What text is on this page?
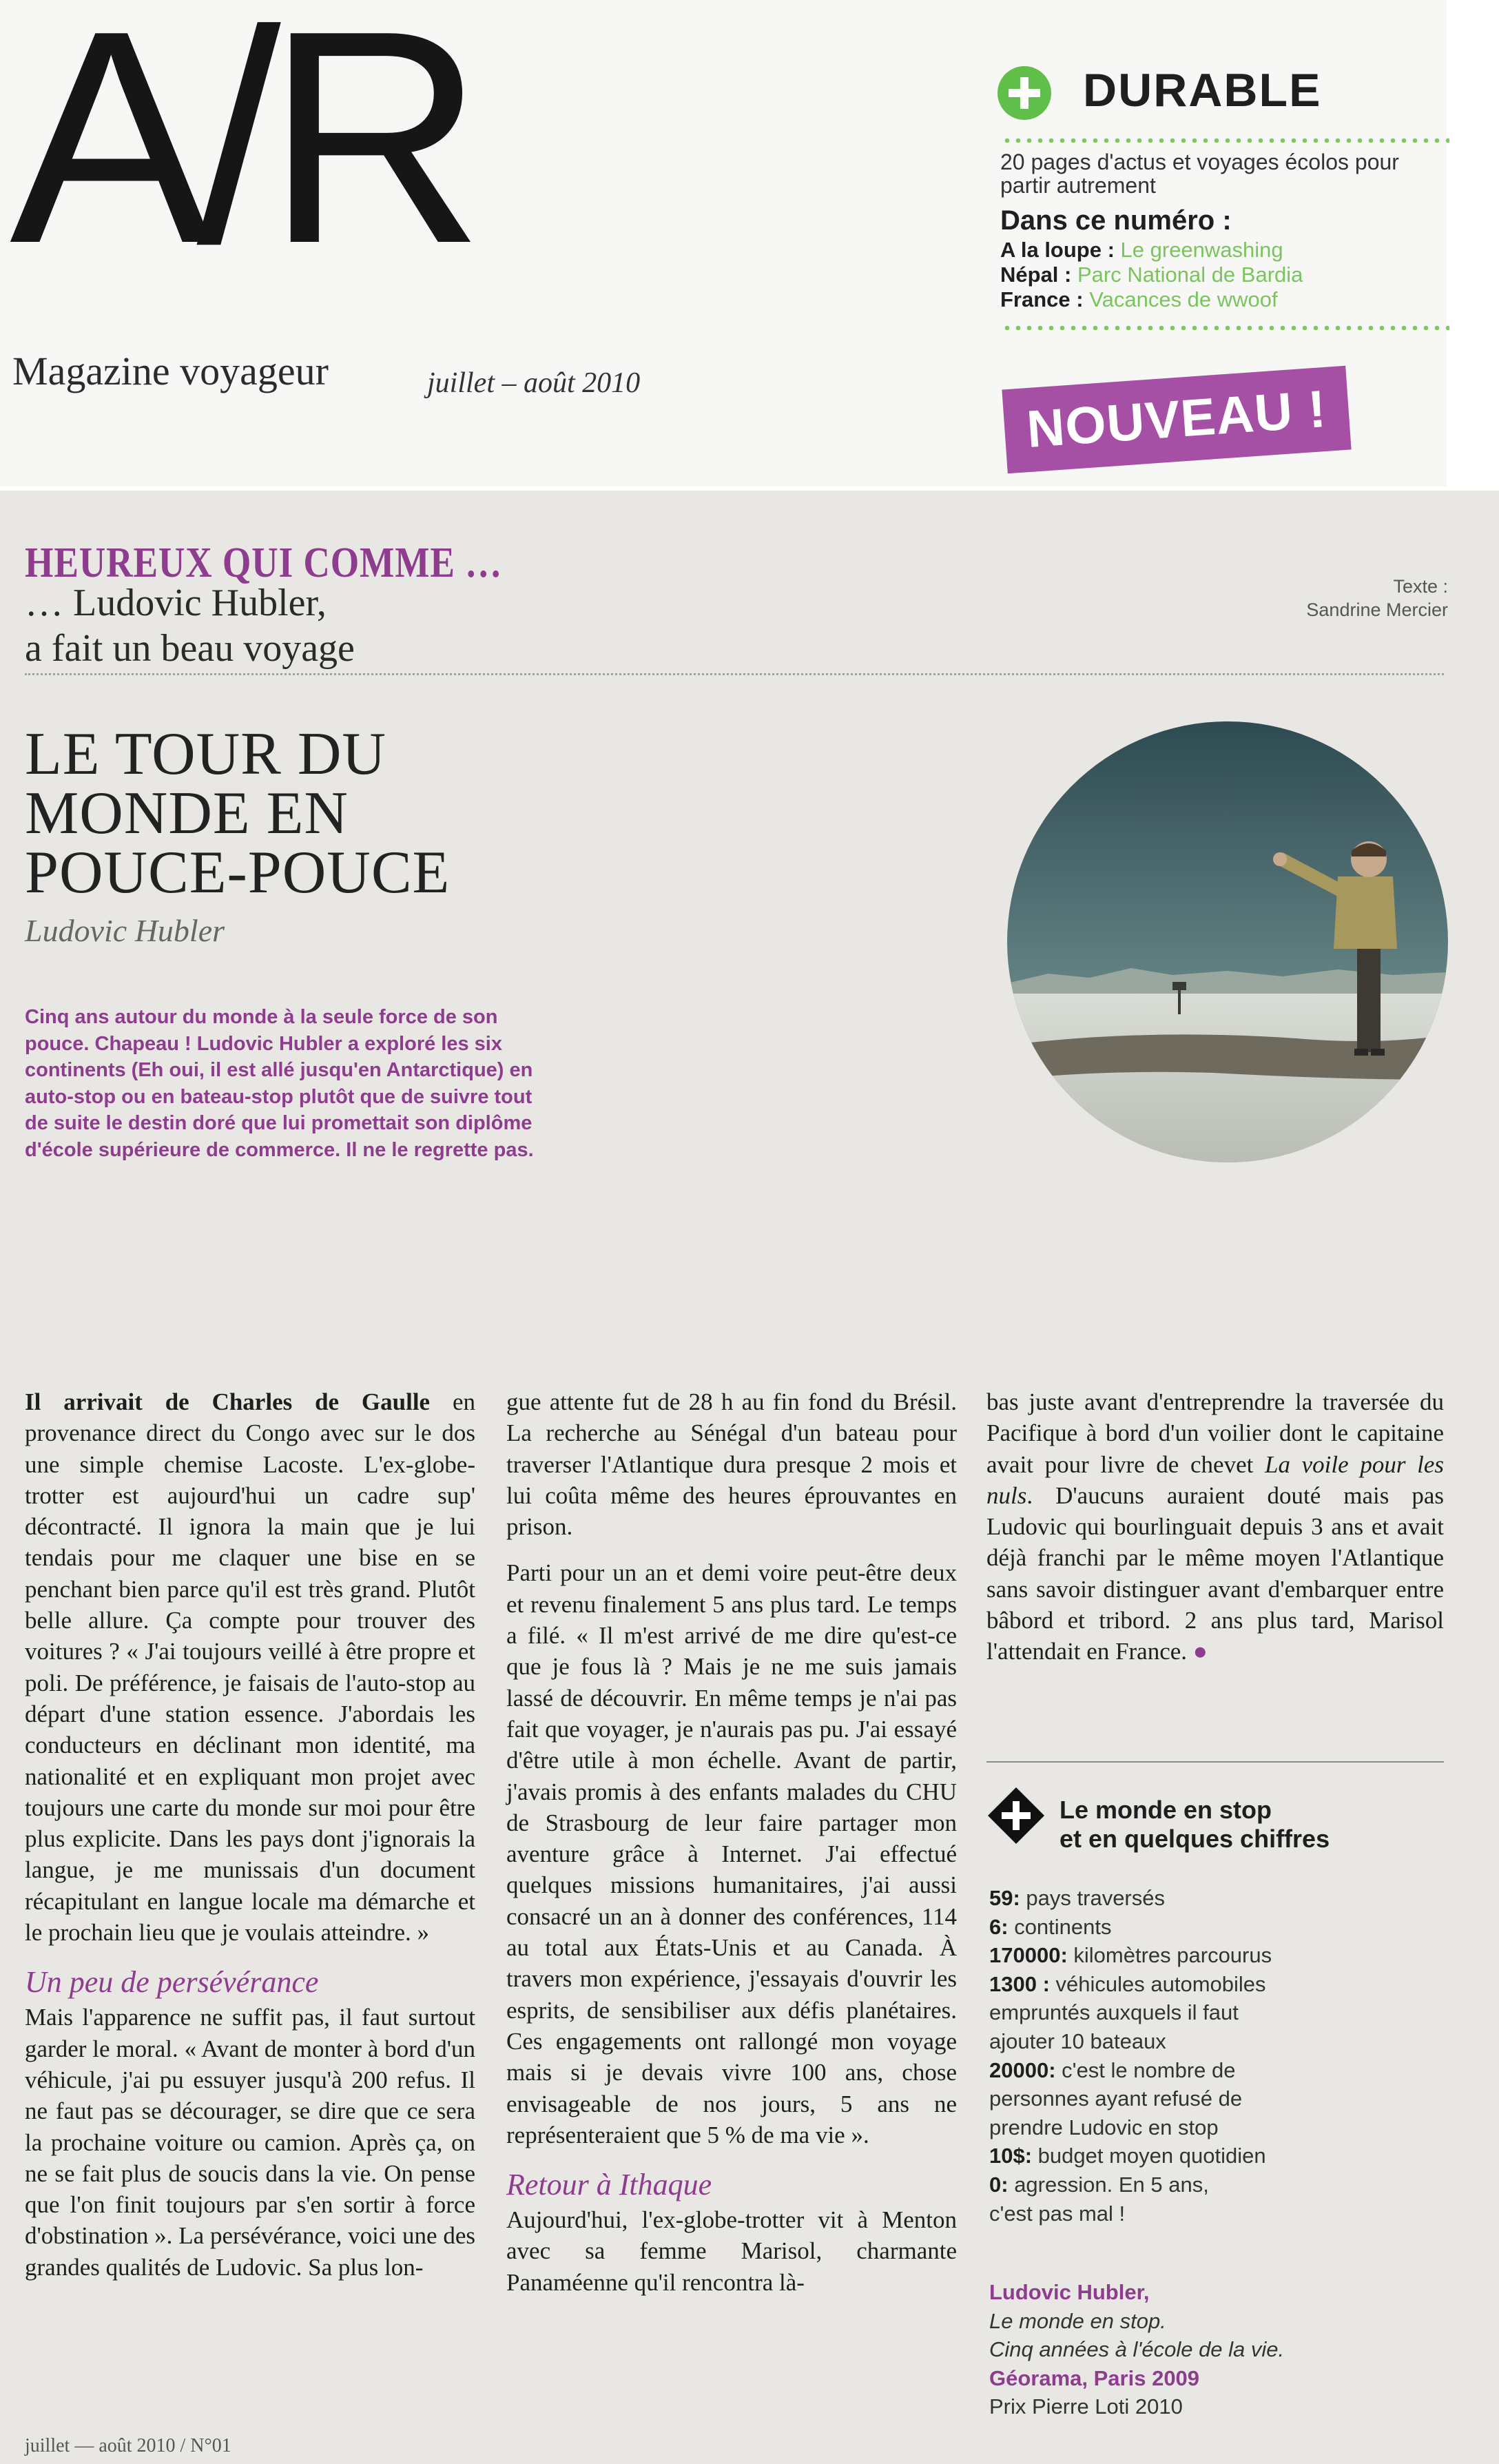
A/R
Magazine voyageur	juillet – août 2010
DURABLE
20 pages d'actus et voyages écolos pour partir autrement
Dans ce numéro :
A la loupe : Le greenwashing
Népal : Parc National de Bardia
France : Vacances de wwoof
NOUVEAU !
HEUREUX QUI COMME …
… Ludovic Hubler,
a fait un beau voyage
Texte :
Sandrine Mercier
LE TOUR DU
MONDE EN
POUCE-POUCE
Ludovic Hubler
Cinq ans autour du monde à la seule force de son pouce. Chapeau ! Ludovic Hubler a exploré les six continents (Eh oui, il est allé jusqu'en Antarctique) en auto-stop ou en bateau-stop plutôt que de suivre tout de suite le destin doré que lui promettait son diplôme d'école supérieure de commerce. Il ne le regrette pas.

Il arrivait de Charles de Gaulle en provenance direct du Congo avec sur le dos une simple chemise Lacoste. L'ex-globe-trotter est aujourd'hui un cadre sup' décontracté. Il ignora la main que je lui tendais pour me claquer une bise en se penchant bien parce qu'il est très grand. Plutôt belle allure. Ça compte pour trouver des voitures ? « J'ai toujours veillé à être propre et poli. De préférence, je faisais de l'auto-stop au départ d'une station essence. J'abordais les conducteurs en déclinant mon identité, ma nationalité et en expliquant mon projet avec toujours une carte du monde sur moi pour être plus explicite. Dans les pays dont j'ignorais la langue, je me munissais d'un document récapitulant en langue locale ma démarche et le prochain lieu que je voulais atteindre. »

Un peu de persévérance

Mais l'apparence ne suffit pas, il faut surtout garder le moral. « Avant de monter à bord d'un véhicule, j'ai pu essuyer jusqu'à 200 refus. Il ne faut pas se décourager, se dire que ce sera la prochaine voiture ou camion. Après ça, on ne se fait plus de soucis dans la vie. On pense que l'on finit toujours par s'en sortir à force d'obstination ». La persévérance, voici une des grandes qualités de Ludovic. Sa plus lon-

gue attente fut de 28 h au fin fond du Brésil. La recherche au Sénégal d'un bateau pour traverser l'Atlantique dura presque 2 mois et lui coûta même des heures éprouvantes en prison.

Parti pour un an et demi voire peut-être deux et revenu finalement 5 ans plus tard. Le temps a filé. « Il m'est arrivé de me dire qu'est-ce que je fous là ? Mais je ne me suis jamais lassé de découvrir. En même temps je n'ai pas fait que voyager, je n'aurais pas pu. J'ai essayé d'être utile à mon échelle. Avant de partir, j'avais promis à des enfants malades du CHU de Strasbourg de leur faire partager mon aventure grâce à Internet. J'ai effectué quelques missions humanitaires, j'ai aussi consacré un an à donner des conférences, 114 au total aux États-Unis et au Canada. À travers mon expérience, j'essayais d'ouvrir les esprits, de sensibiliser aux défis planétaires. Ces engagements ont rallongé mon voyage mais si je devais vivre 100 ans, chose envisageable de nos jours, 5 ans ne représenteraient que 5 % de ma vie ».

Retour à Ithaque

Aujourd'hui, l'ex-globe-trotter vit à Menton avec sa femme Marisol, charmante Panaméenne qu'il rencontra là-

bas juste avant d'entreprendre la traversée du Pacifique à bord d'un voilier dont le capitaine avait pour livre de chevet La voile pour les nuls. D'aucuns auraient douté mais pas Ludovic qui bourlinguait depuis 3 ans et avait déjà franchi par le même moyen l'Atlantique sans savoir distinguer avant d'embarquer entre bâbord et tribord. 2 ans plus tard, Marisol l'attendait en France. ●

Le monde en stop
et en quelques chiffres
59: pays traversés
6: continents
170000: kilomètres parcourus
1300 : véhicules automobiles empruntés auxquels il faut ajouter 10 bateaux
20000: c'est le nombre de personnes ayant refusé de prendre Ludovic en stop
10$: budget moyen quotidien
0: agression. En 5 ans, c'est pas mal !
Ludovic Hubler,
Le monde en stop.
Cinq années à l'école de la vie.
Géorama, Paris 2009
Prix Pierre Loti 2010
juillet — août 2010 / N°01
